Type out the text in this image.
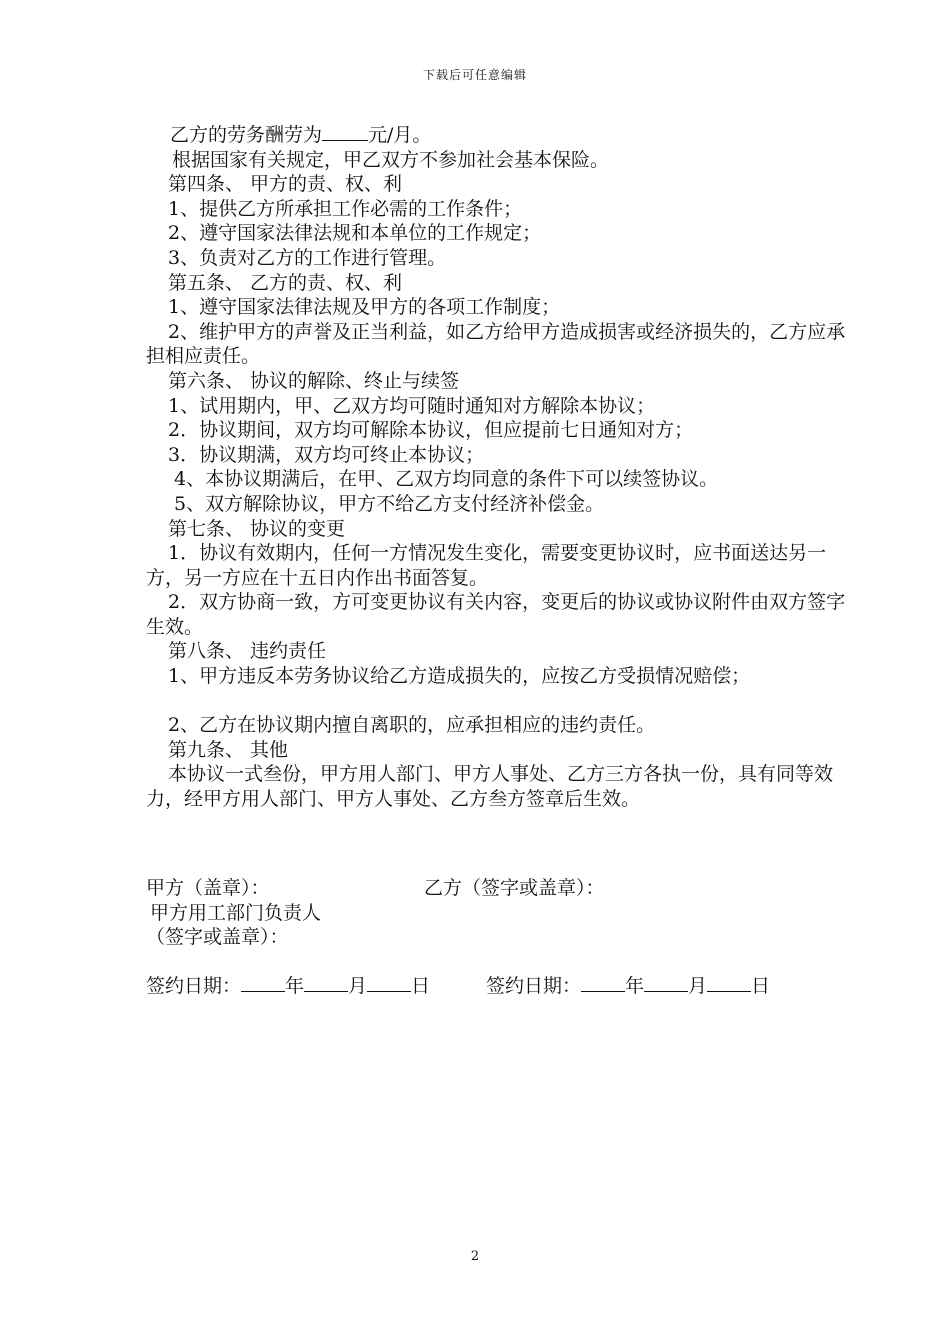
下载后可任意编辑
乙方的劳务酬劳为 元/月。
根据国家有关规定，甲乙双方不参加社会基本保险。
第四条、 甲方的责、权、利
1、提供乙方所承担工作必需的工作条件；
2、遵守国家法律法规和本单位的工作规定；
3、负责对乙方的工作进行管理。
第五条、 乙方的责、权、利
1、遵守国家法律法规及甲方的各项工作制度；
2、维护甲方的声誉及正当利益，如乙方给甲方造成损害或经济损失的，乙方应承担相应责任。
第六条、 协议的解除、终止与续签
1、试用期内，甲、乙双方均可随时通知对方解除本协议；
2．协议期间，双方均可解除本协议，但应提前七日通知对方；
3．协议期满，双方均可终止本协议；
4、本协议期满后，在甲、乙双方均同意的条件下可以续签协议。
5、双方解除协议，甲方不给乙方支付经济补偿金。
第七条、 协议的变更
1．协议有效期内，任何一方情况发生变化，需要变更协议时，应书面送达另一方，另一方应在十五日内作出书面答复。
2．双方协商一致，方可变更协议有关内容，变更后的协议或协议附件由双方签字生效。
第八条、 违约责任
1、甲方违反本劳务协议给乙方造成损失的，应按乙方受损情况赔偿；
2、乙方在协议期内擅自离职的，应承担相应的违约责任。
第九条、 其他
本协议一式叁份，甲方用人部门、甲方人事处、乙方三方各执一份，具有同等效力，经甲方用人部门、甲方人事处、乙方叁方签章后生效。
甲方（盖章）：	乙方（签字或盖章）：
甲方用工部门负责人
（签字或盖章）：
签约日期： 年 月 日	签约日期： 年 月 日
2
